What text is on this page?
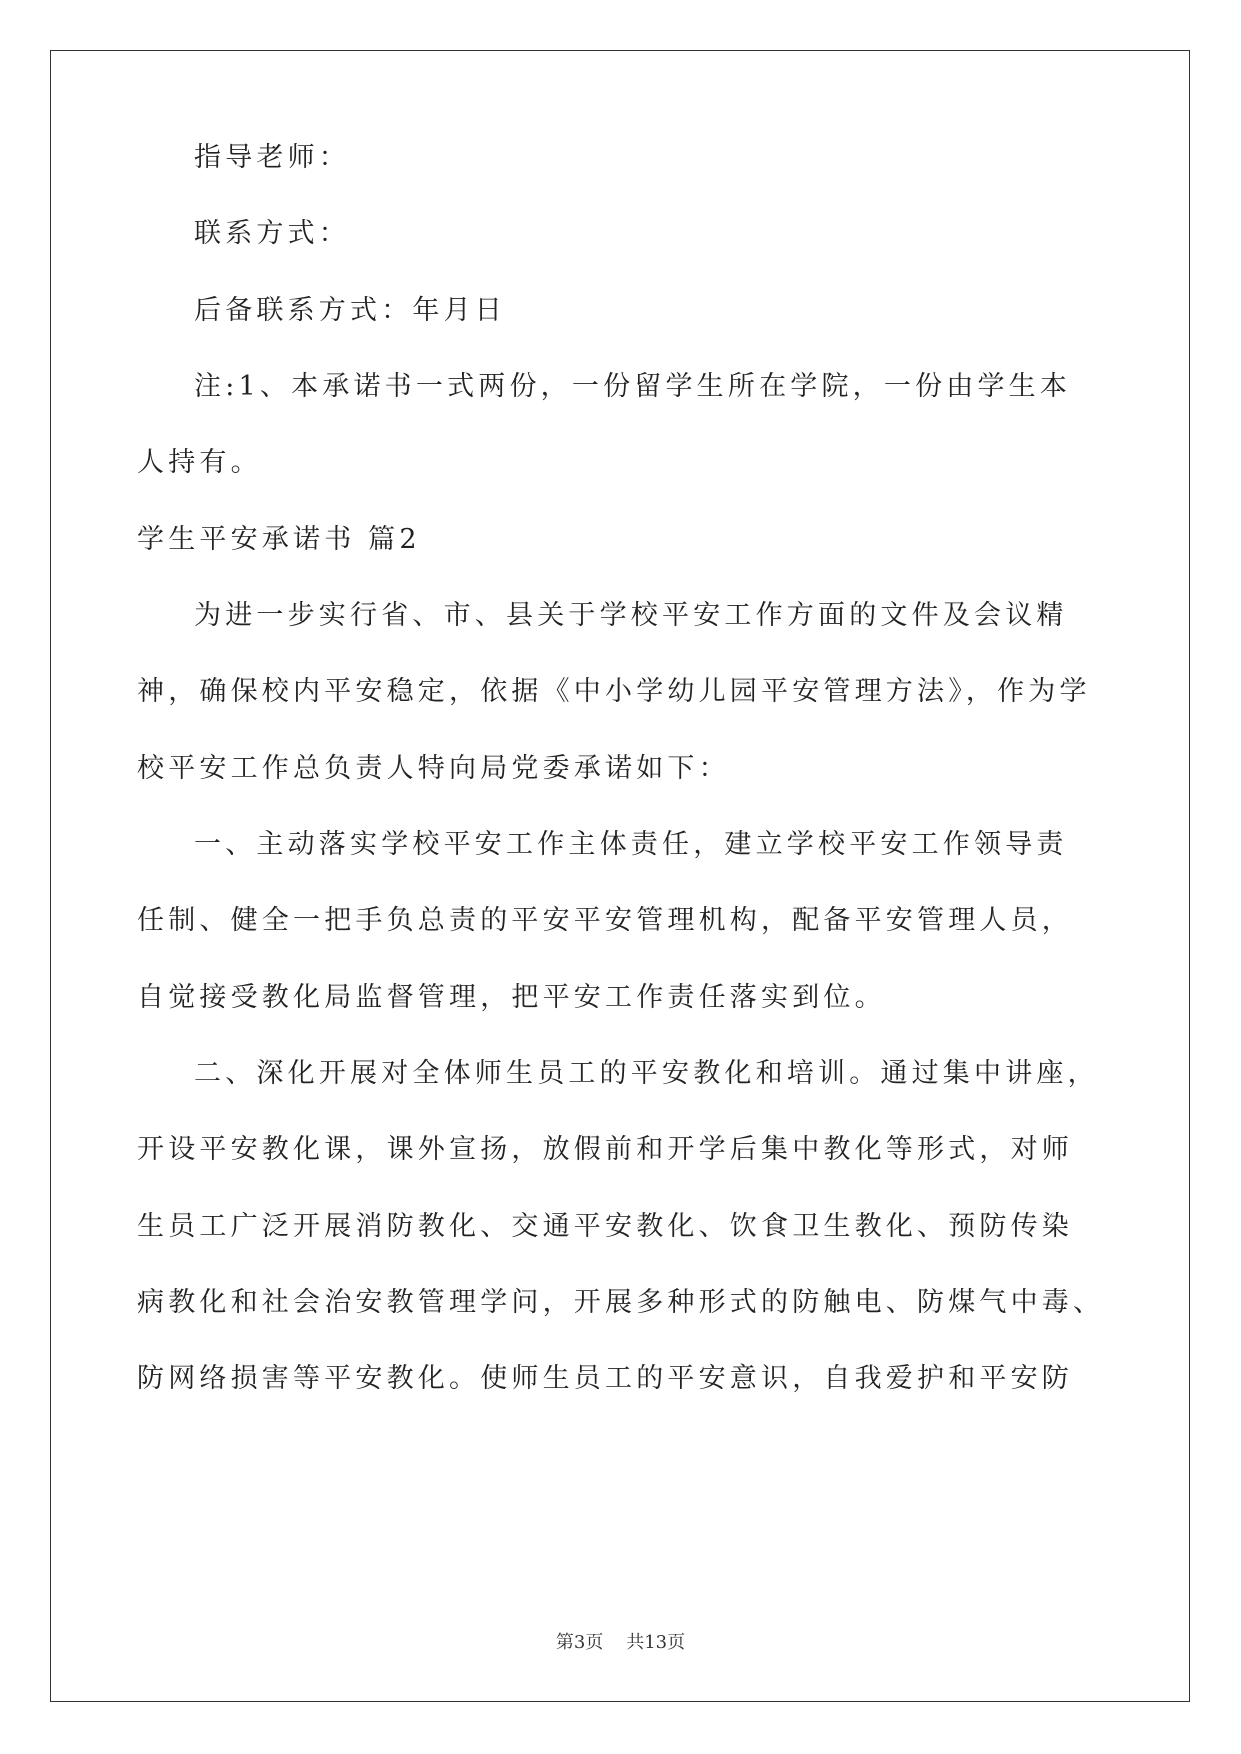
指导老师：
联系方式：
后备联系方式：年月日
注:1、本承诺书一式两份，一份留学生所在学院，一份由学生本
人持有。
学生平安承诺书 篇2
为进一步实行省、市、县关于学校平安工作方面的文件及会议精
神，确保校内平安稳定，依据《中小学幼儿园平安管理方法》，作为学
校平安工作总负责人特向局党委承诺如下：
一、主动落实学校平安工作主体责任，建立学校平安工作领导责
任制、健全一把手负总责的平安平安管理机构，配备平安管理人员，
自觉接受教化局监督管理，把平安工作责任落实到位。
二、深化开展对全体师生员工的平安教化和培训。通过集中讲座，
开设平安教化课，课外宣扬，放假前和开学后集中教化等形式，对师
生员工广泛开展消防教化、交通平安教化、饮食卫生教化、预防传染
病教化和社会治安教管理学问，开展多种形式的防触电、防煤气中毒、
防网络损害等平安教化。使师生员工的平安意识，自我爱护和平安防
第3页    共13页
